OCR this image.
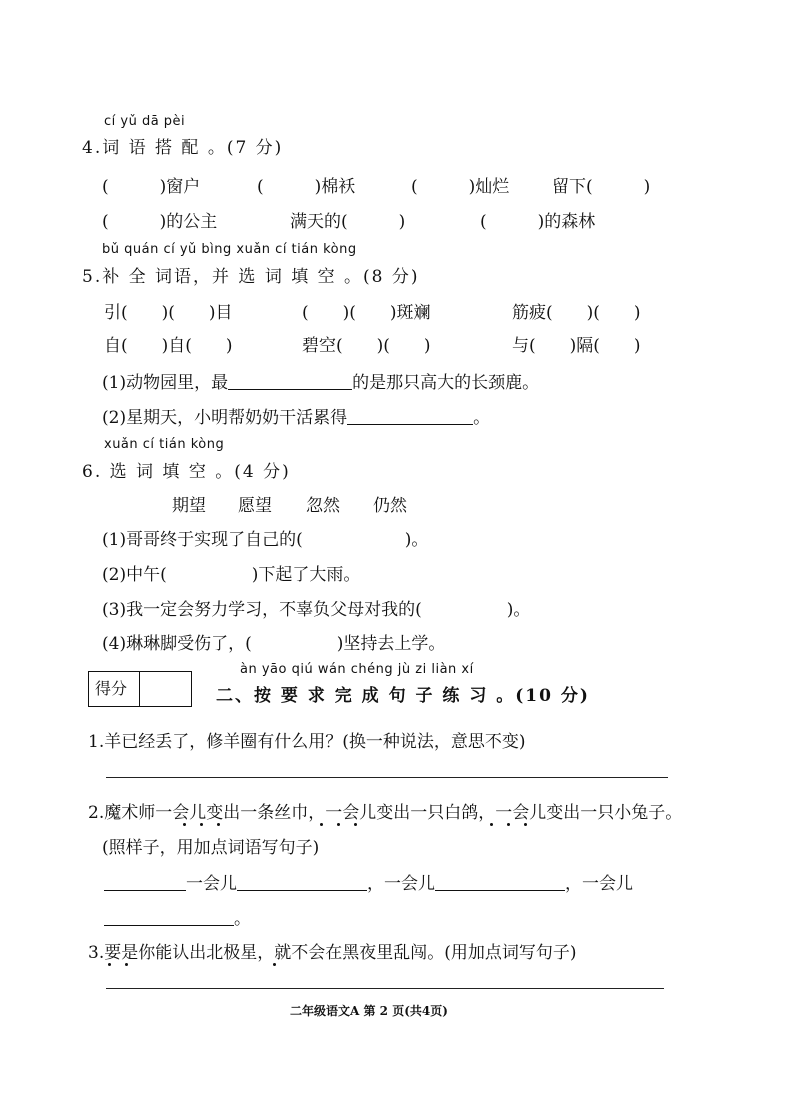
cí yǔ dā pèi
4.词 语 搭 配 。(7 分)
(　　　)窗户	(　　　)棉袄	(　　　)灿烂	留下(　　　)
(　　　)的公主	满天的(　　　)	(　　　)的森林
bǔ quán cí yǔ bìng xuǎn cí tián kòng
5.补 全 词语，并 选 词 填 空 。(8 分)
引(　　)(　　)目	(　　)(　　)斑斓	筋疲(　　)(　　)
自(　　)自(　　)	碧空(　　)(　　)	与(　　)隔(　　)
(1)动物园里，最	的是那只高大的长颈鹿。
(2)星期天，小明帮奶奶干活累得	。
xuǎn cí tián kòng
6. 选 词 填 空 。(4 分)
期望 愿望 忽然 仍然
(1)哥哥终于实现了自己的(　　　　　　)。
(2)中午(　　　　　)下起了大雨。
(3)我一定会努力学习，不辜负父母对我的(　　　　　)。
(4)琳琳脚受伤了，(　　　　　)坚持去上学。
得分
àn yāo qiú wán chéng jù zi liàn xí
二、按 要 求 完 成 句 子 练 习 。(10 分)
1.羊已经丢了，修羊圈有什么用？(换一种说法，意思不变)
2.魔术师一会儿变出一条丝巾，一会儿变出一只白鸽，一会儿变出一只小兔子。
(照样子，用加点词语写句子)
一会儿	，一会儿	，一会儿
。
3.要是你能认出北极星，就不会在黑夜里乱闯。(用加点词写句子)
二年级语文A 第 2 页(共4页)
